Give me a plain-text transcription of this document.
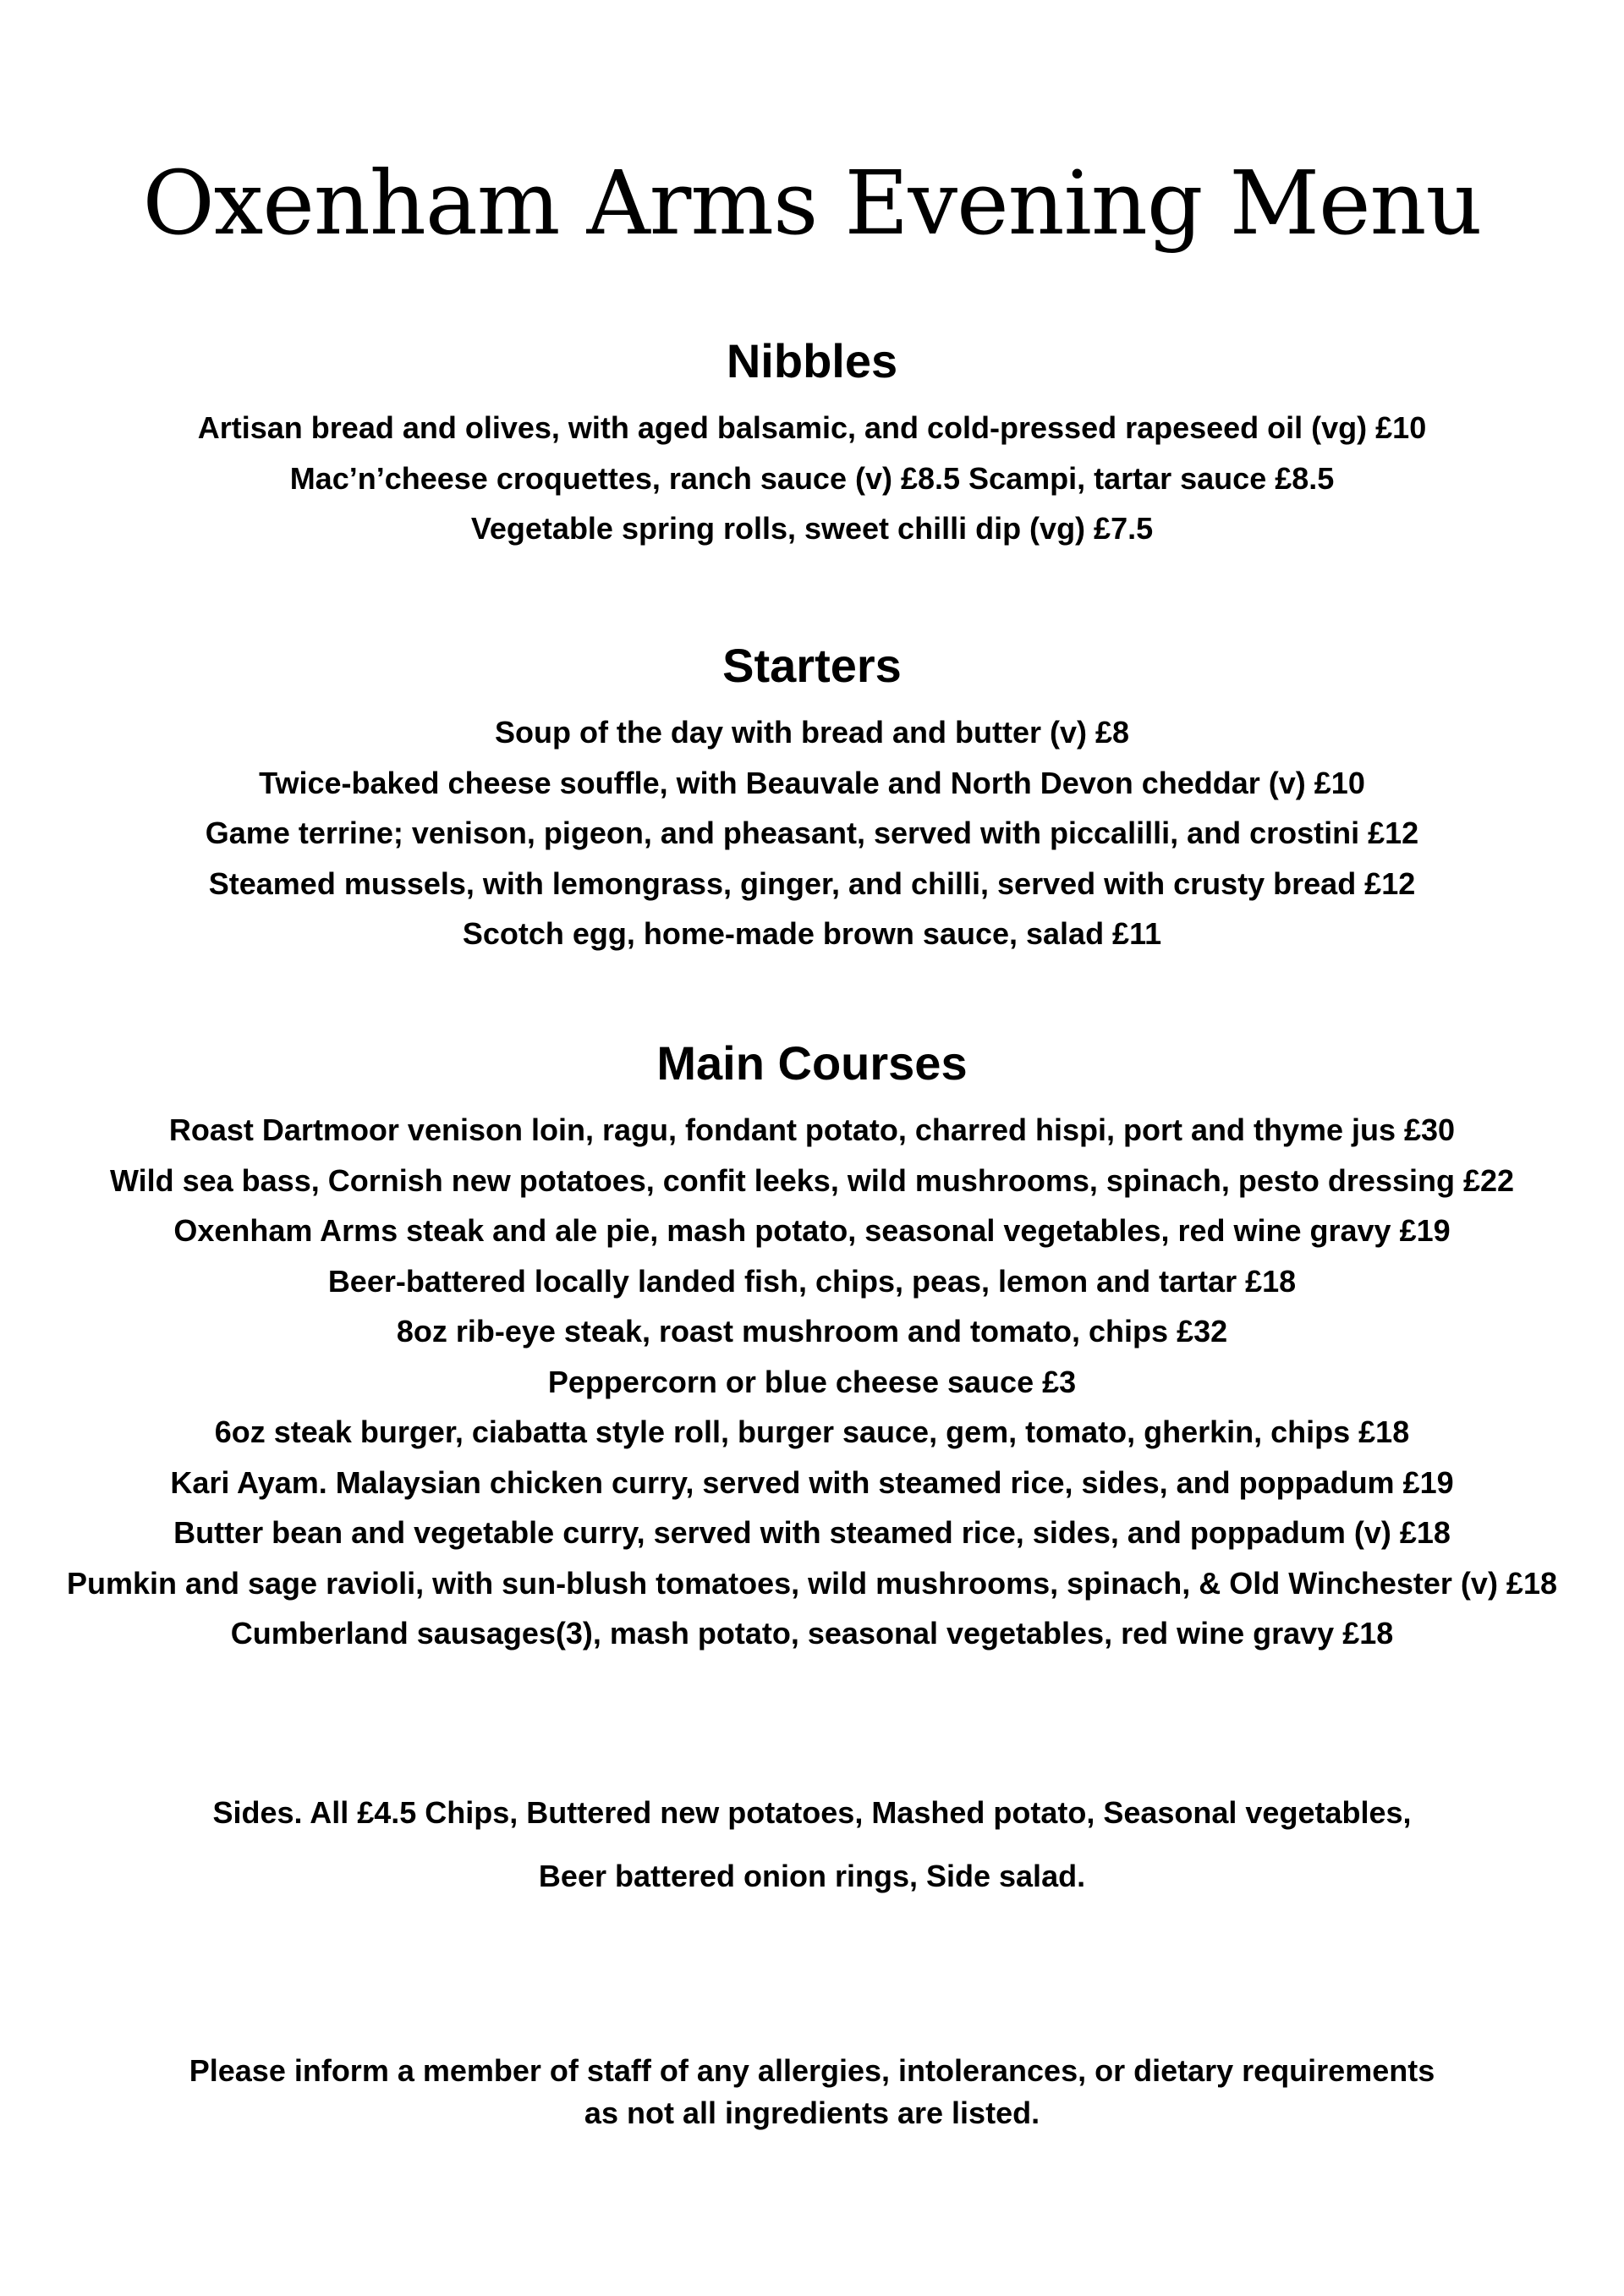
Oxenham Arms Evening Menu
Nibbles

Artisan bread and olives, with aged balsamic, and cold-pressed rapeseed oil (vg) £10

Mac’n’cheese croquettes, ranch sauce (v) £8.5 Scampi, tartar sauce £8.5

Vegetable spring rolls, sweet chilli dip (vg) £7.5

Starters

Soup of the day with bread and butter (v) £8

Twice-baked cheese souffle, with Beauvale and North Devon cheddar (v) £10

Game terrine; venison, pigeon, and pheasant, served with piccalilli, and crostini £12

Steamed mussels, with lemongrass, ginger, and chilli, served with crusty bread £12

Scotch egg, home-made brown sauce, salad £11

Main Courses

Roast Dartmoor venison loin, ragu, fondant potato, charred hispi, port and thyme jus £30

Wild sea bass, Cornish new potatoes, confit leeks, wild mushrooms, spinach, pesto dressing £22

Oxenham Arms steak and ale pie, mash potato, seasonal vegetables, red wine gravy £19

Beer-battered locally landed fish, chips, peas, lemon and tartar £18

8oz rib-eye steak, roast mushroom and tomato, chips £32

Peppercorn or blue cheese sauce £3

6oz steak burger, ciabatta style roll, burger sauce, gem, tomato, gherkin, chips £18

Kari Ayam. Malaysian chicken curry, served with steamed rice, sides, and poppadum £19

Butter bean and vegetable curry, served with steamed rice, sides, and poppadum (v) £18

Pumkin and sage ravioli, with sun-blush tomatoes, wild mushrooms, spinach, & Old Winchester (v) £18

Cumberland sausages(3), mash potato, seasonal vegetables, red wine gravy £18

Sides. All £4.5 Chips, Buttered new potatoes, Mashed potato, Seasonal vegetables,

Beer battered onion rings, Side salad.

Please inform a member of staff of any allergies, intolerances, or dietary requirements

as not all ingredients are listed.
